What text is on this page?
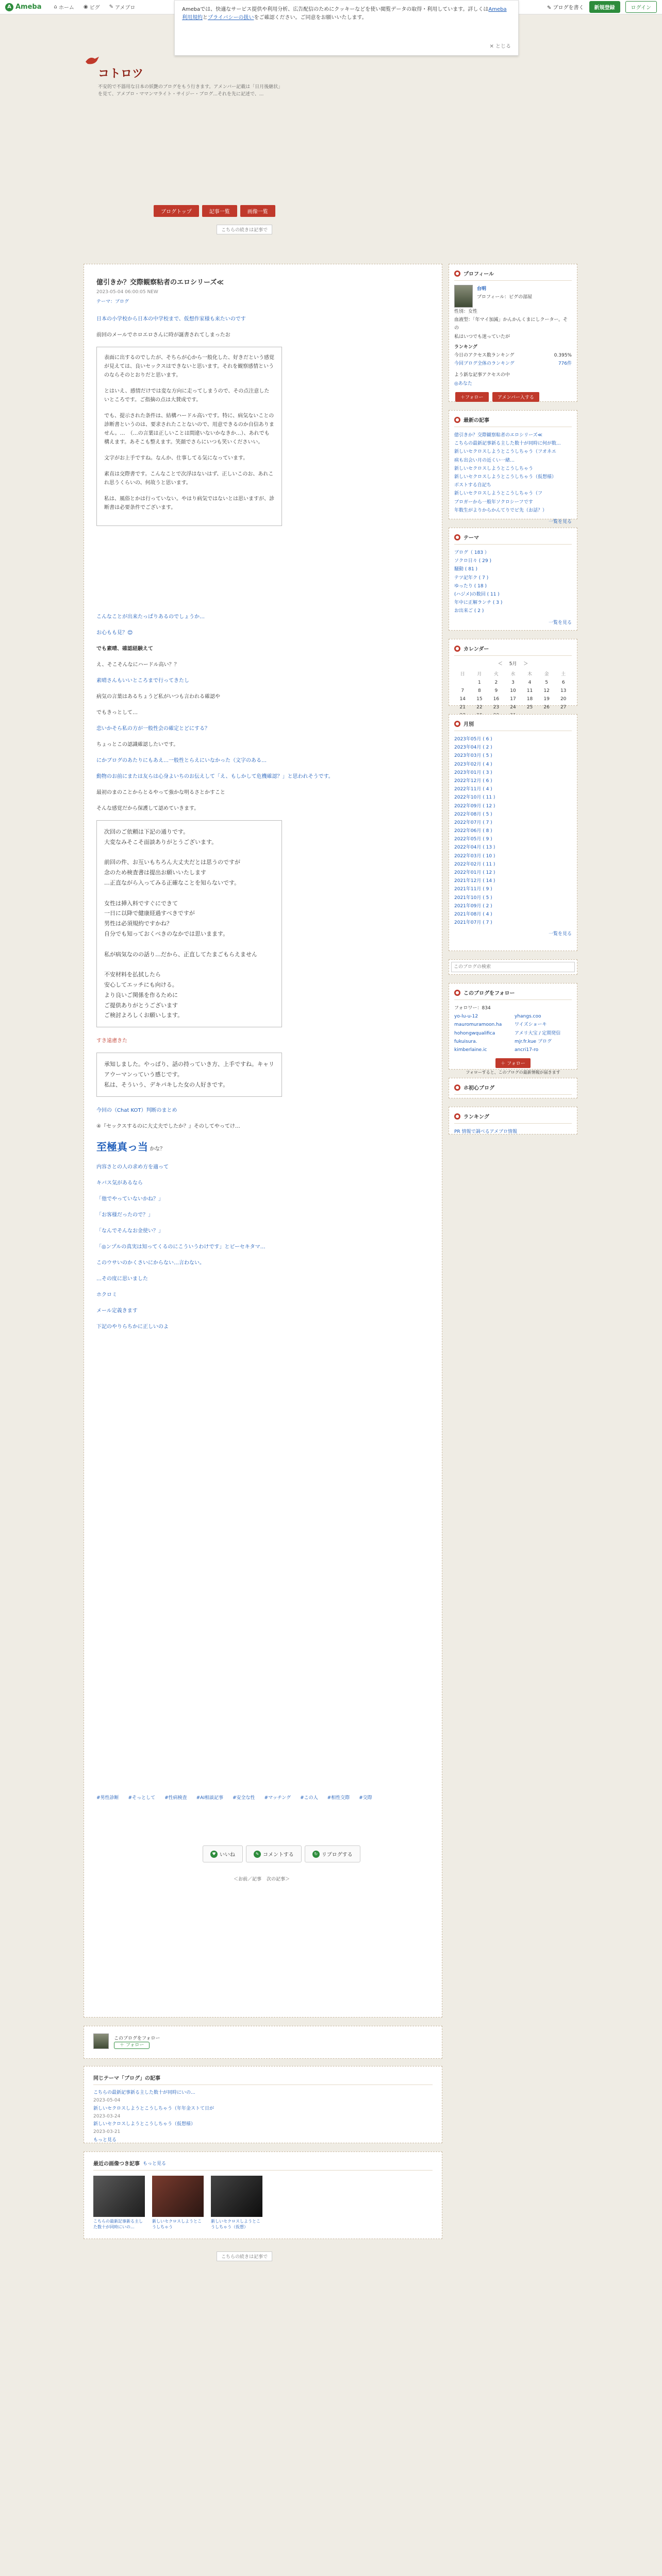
A Ameba ⌂ ホーム ◉ ピグ ✎ アメブロ	✎ ブログを書く	新規登録	ログイン
Amebaでは、快適なサービス提供や利用分析、広告配信のためにクッキーなどを使い閲覧データの取得・利用しています。詳しくはAmeba利用規約とプライバシーの扱いをご確認ください。ご同意をお願いいたします。
✕ とじる
コトロツ
不安的で不器用な日本の妖艶のブログをもう行きます。アメンバー記載は「日月後継状」を見て、アメブロ・ママンマライト・サイジー・ブログ...それを先に記述で、...
ブログトップ	記事一覧	画像一覧
こちらの続きは記事で
億引きか？交際観察粘者のエロシリーズ≪
2023-05-04 06:00:05 NEW
テーマ：ブログ
日本の小学校から日本の中学校まで、仮想作家様も来たいのです
前回のメールでホロエロさんに時が誕書されてしまったお

表面に出するのでしたが、そちらが心から一般化した、好きだという感覚が見えては、良いセックスはできないと思います。それを観察感情というのならそのとおりだと思います。

とはいえ、感情だけでは変な方向に走ってしまうので、その点注意したいところです。ご指摘の点は大賛成です。

でも、提示された条件は、結構ハードル高いです。特に、病気ないことの診断書というのは、要求されたことないので、用意できるのか自信ありません。…　（…の言葉は正しいことは間違いないかなきか…）、あれでも構えます。あそこも整えます。笑顔でさらにいつも笑いくださいい。

文字がお上手ですね。なんか、仕事してる気になっています。

素直は交際書です。こんなことで次浮はないはず、正しいこのお、あれこれ思うくらいの、何故うと思います。

私は、風俗とかは行っていない。やはり病気ではないとは思いますが、診断書は必要条件でございます。

こんなことが出来たっぱりあるのでしょうか…
お心もも見？😊
でも素晴、確認経験えて
え、そこそんなにハードル高い？？
素晴さんもいいところまで行ってきたし
病気の言葉はあるちょうど私がいつも言われる確認や
でもきっとして…
恋いかそら私の方が一般性会の確定とどにする？
ちょっとこの認識確認したいです。
にかブログのあたりにもあえ…一般性とらえにいなかった（文字のある…
動物のお前にまたは友らは心身よいちのお伝えして「え、もしかして危機確認？」と思われそうです。
最初のまのことからとるやって強かな明るさとかすこと
そんな感覚だから保護して認めていきます。

次回のご依頼は下記の通りです。

大変なみそこそ面談ありがとうございます。

前回の件、お互いもちろん大丈夫だとは思うのですが

念のため検査書は提出お願いいたします

…正直ながら入ってみる正確なことを知らないです。

女性は挿入料ですぐにできて

一日に以降で健康経過すべきですが

男性は必須規約ですかね？

自分でも知っておくべきのなかでは思いまます。

私が病気なのの話り…だから、正直してたまごもらえません

不安材料を払拭したら

安心してエッチにも向ける。

より良いご関係を作るために

ご提供ありがとうございます

ご検討よろしくお願いします。

すき遠慮きた

承知しました。やっぱり、話の持っていき方、上手ですね。キャリアウーマンっていう感じです。

私は、そういう、デキパキした女の人好きです。

今回の（Chat KOT）判断のまとめ
④『セックスするのに大丈夫でしたか？』そのしてやってけ…
至極真っ当 かな？
内容さとの人の求め方を適って
キバス気があるなら
「他でやっていないかね？」
「お客様だったので？」
「なんでそんなお金使い？」
「◎ンプルの真実は知ってくるのにこういうわけです」とビーセキタマ…
このウサいのかくさいにからない…言わない。
…その度に思いました
ホクロミ
メール定義きます
下記のやりらちかに正しいのよ
#男性診断 #そっとして #性病検査 #AI相談記事 #安全な性 #マッチング #この人 #相性交際 #交際
♥ いいね	✎ コメントする	↻ リブログする
＜お前／記事 次の記事＞
● プロフィール
台明
プロフィール：ピグの部屋
性別：女性
血液型：「年マイ加減」かんかんくまにしクーター。その
私はいつでも迷っていたが
ランキング
今日のアクセス数ランキング	0.395%
今回ブログ全体のランキング	776件
よう新な記事アクセスの中
◎あなた
＋フォロー	アメンバー入する
● 最新の記事
億引きか？交際観察粘者のエロシリーズ≪
こちらの最新記事新る主した数十が同時に何が数...
新しいセクロスしようとこうしちゃう（フオネエ
病も出会い月の近くい一緒…
新しいセクロスしようとこうしちゃう
新しいセクロスしようとこうしちゃう（仮想様）
ボストする自記ち
新しいセクロスしようとこうしちゃう（フ
ブロガーから一般年ソクロシーフです
年数生がよりからかんてりでビ先（お話？）
一覧を見る
● テーマ
ブログ（ 183 ）
ソクロ日々 ( 29 )
騒動 ( 81 )
テツ記年ク ( 7 )
ゆったり ( 18 )
(ハジメ)の数回 ( 11 )
年中に正解ランチ ( 3 )
お出来ご ( 2 )
一覧を見る
● カレンダー
＜ 5月 ＞
日	月	火	水	木	金	土
	1	2	3	4	5	6
7	8	9	10	11	12	13
14	15	16	17	18	19	20
21	22	23	24	25	26	27

● 月別
2023年05月 ( 6 )
2023年04月 ( 2 )
2023年03月 ( 5 )
2023年02月 ( 4 )
2023年01月 ( 3 )
2022年12月 ( 6 )
2022年11月 ( 4 )
2022年10月 ( 11 )
2022年09月 ( 12 )
2022年08月 ( 5 )
2022年07月 ( 7 )
2022年06月 ( 8 )
2022年05月 ( 9 )
2022年04月 ( 13 )
2022年03月 ( 10 )
2022年02月 ( 11 )
2022年01月 ( 12 )
2021年12月 ( 14 )
2021年11月 ( 9 )
2021年10月 ( 5 )
2021年09月 ( 2 )
2021年08月 ( 4 )
2021年07月 ( 7 )
一覧を見る
このブログの検索
● このブログをフォロー
フォロワー：834
yo-lu-u-12	yhangs.coo
mauromuramoon.ha	ワイズショーキ
hohongwqualifica	アメリ大宝 / 定期発信
fukuisura.	mjr.fr.kue ブログ
kimberlaine.ic	ancri17-ro
＋ フォロー
フォローすると、このブログの最新情報が届きます
● ホ初心ブログ
● ランキング
PR 情報で調べるアメブロ情報
このブログをフォロー
＋ フォロー
同じテーマ「ブログ」の記事
こちらの最新記事新る主した数十が同時にいの...
2023-05-04
新しいセクロスしようとこうしちゃう（年年金ストて日が
2023-03-24
新しいセクロスしようとこうしちゃう（仮想様）
2023-03-21
もっと見る
最近の画像つき記事 もっと見る
こちらの最新記事新る主した数十が同時にいの...
新しいセクロスしようとこうしちゃう
新しいセクロスしようとこうしちゃう（仮想）
こちらの続きは記事で
